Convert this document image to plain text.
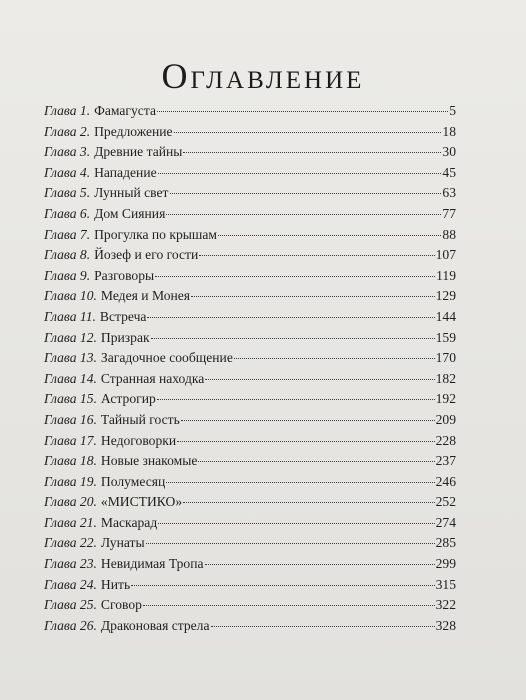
Оглавление
Глава 1. Фамагуста	5
Глава 2. Предложение	18
Глава 3. Древние тайны	30
Глава 4. Нападение	45
Глава 5. Лунный свет	63
Глава 6. Дом Сияния	77
Глава 7. Прогулка по крышам	88
Глава 8. Йозеф и его гости	107
Глава 9. Разговоры	119
Глава 10. Медея и Монея	129
Глава 11. Встреча	144
Глава 12. Призрак	159
Глава 13. Загадочное сообщение	170
Глава 14. Странная находка	182
Глава 15. Астрогир	192
Глава 16. Тайный гость	209
Глава 17. Недоговорки	228
Глава 18. Новые знакомые	237
Глава 19. Полумесяц	246
Глава 20. «МИСТИКО»	252
Глава 21. Маскарад	274
Глава 22. Лунаты	285
Глава 23. Невидимая Тропа	299
Глава 24. Нить	315
Глава 25. Сговор	322
Глава 26. Драконовая стрела	328
